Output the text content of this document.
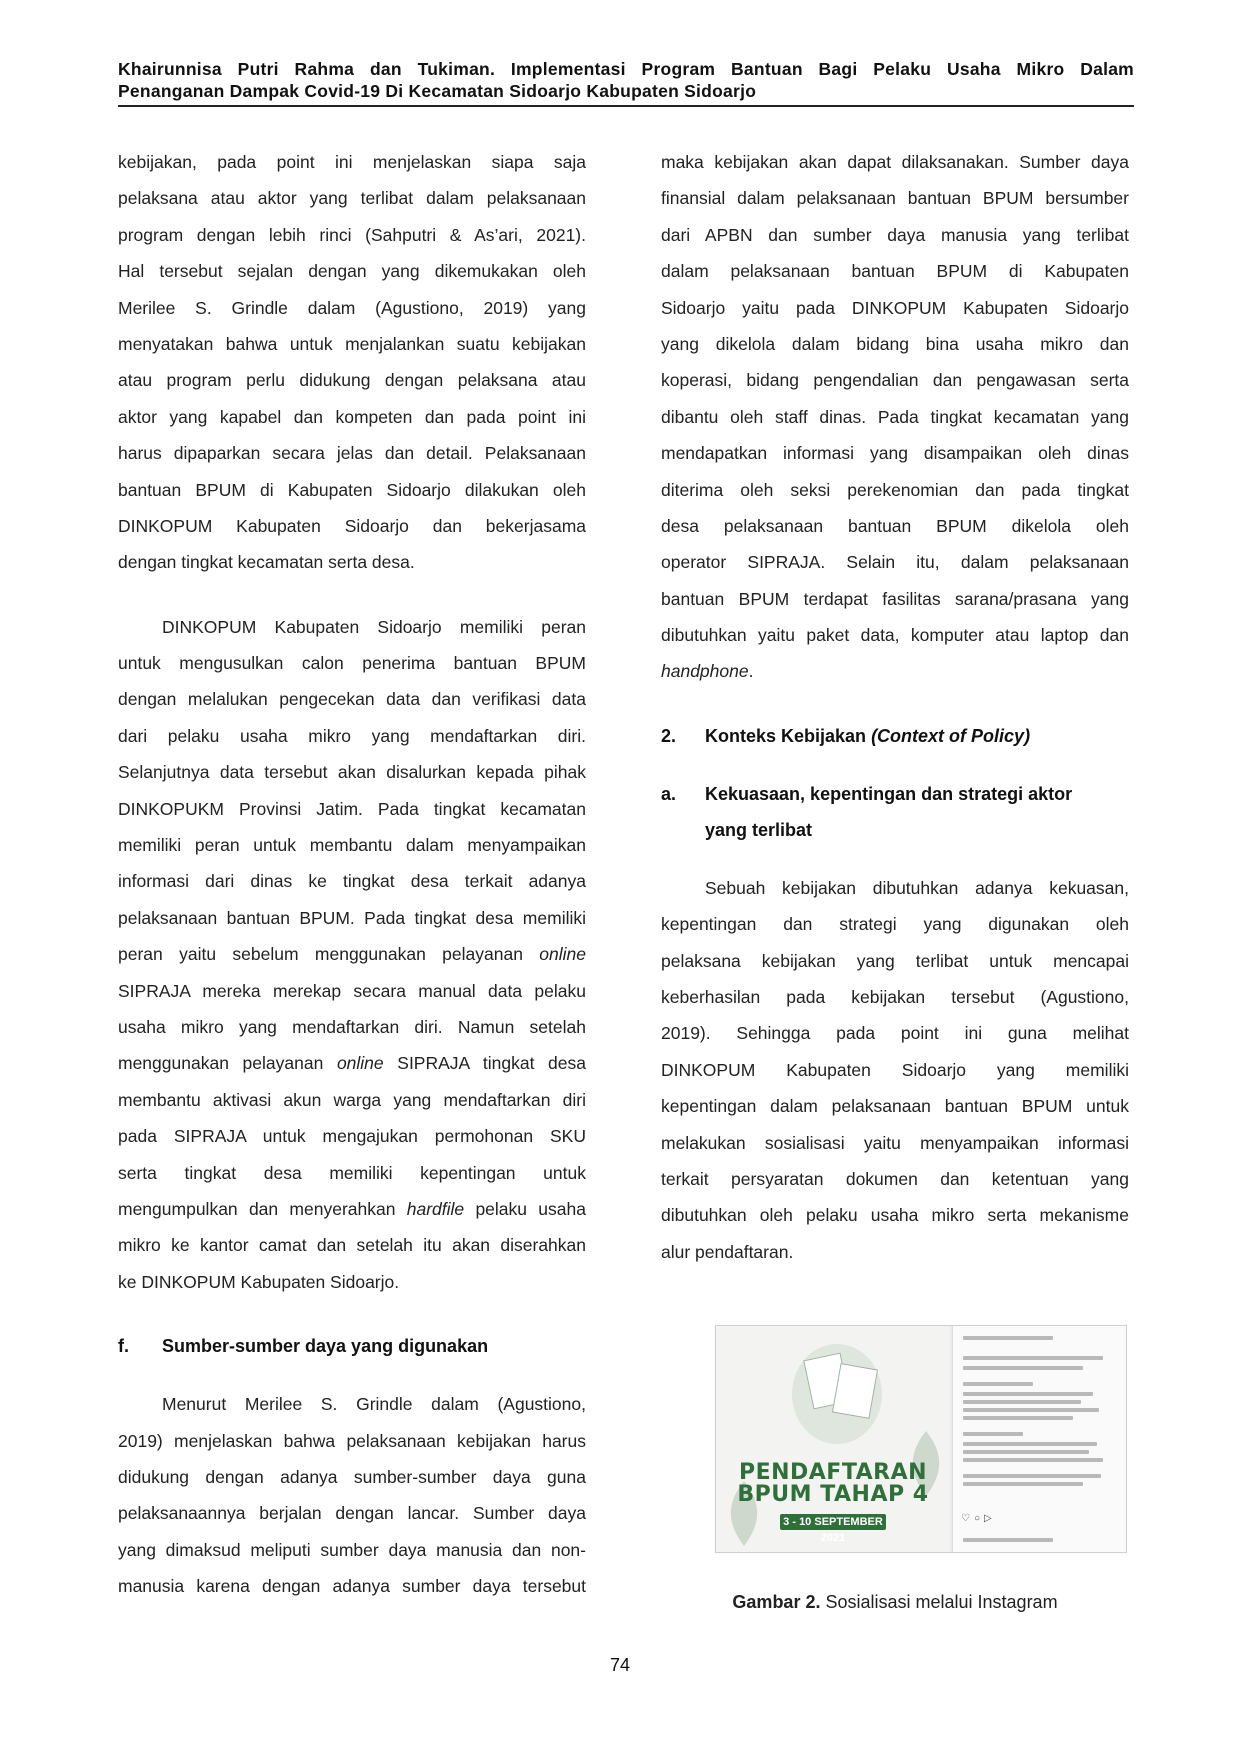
Khairunnisa Putri Rahma dan Tukiman. Implementasi Program Bantuan Bagi Pelaku Usaha Mikro Dalam
Penanganan Dampak Covid-19 Di Kecamatan Sidoarjo Kabupaten Sidoarjo
kebijakan, pada point ini menjelaskan siapa saja
pelaksana atau aktor yang terlibat dalam pelaksanaan
program dengan lebih rinci (Sahputri & As’ari, 2021).
Hal tersebut sejalan dengan yang dikemukakan oleh
Merilee S. Grindle dalam (Agustiono, 2019) yang
menyatakan bahwa untuk menjalankan suatu kebijakan
atau program perlu didukung dengan pelaksana atau
aktor yang kapabel dan kompeten dan pada point ini
harus dipaparkan secara jelas dan detail. Pelaksanaan
bantuan BPUM di Kabupaten Sidoarjo dilakukan oleh
DINKOPUM Kabupaten Sidoarjo dan bekerjasama
dengan tingkat kecamatan serta desa.
DINKOPUM Kabupaten Sidoarjo memiliki peran
untuk mengusulkan calon penerima bantuan BPUM
dengan melalukan pengecekan data dan verifikasi data
dari pelaku usaha mikro yang mendaftarkan diri.
Selanjutnya data tersebut akan disalurkan kepada pihak
DINKOPUKM Provinsi Jatim. Pada tingkat kecamatan
memiliki peran untuk membantu dalam menyampaikan
informasi dari dinas ke tingkat desa terkait adanya
pelaksanaan bantuan BPUM. Pada tingkat desa memiliki
peran yaitu sebelum menggunakan pelayanan online
SIPRAJA mereka merekap secara manual data pelaku
usaha mikro yang mendaftarkan diri. Namun setelah
menggunakan pelayanan online SIPRAJA tingkat desa
membantu aktivasi akun warga yang mendaftarkan diri
pada SIPRAJA untuk mengajukan permohonan SKU
serta tingkat desa memiliki kepentingan untuk
mengumpulkan dan menyerahkan hardfile pelaku usaha
mikro ke kantor camat dan setelah itu akan diserahkan
ke DINKOPUM Kabupaten Sidoarjo.
f.	Sumber-sumber daya yang digunakan
Menurut Merilee S. Grindle dalam (Agustiono,
2019) menjelaskan bahwa pelaksanaan kebijakan harus
didukung dengan adanya sumber-sumber daya guna
pelaksanaannya berjalan dengan lancar. Sumber daya
yang dimaksud meliputi sumber daya manusia dan non-
manusia karena dengan adanya sumber daya tersebut
maka kebijakan akan dapat dilaksanakan. Sumber daya
finansial dalam pelaksanaan bantuan BPUM bersumber
dari APBN dan sumber daya manusia yang terlibat
dalam pelaksanaan bantuan BPUM di Kabupaten
Sidoarjo yaitu pada DINKOPUM Kabupaten Sidoarjo
yang dikelola dalam bidang bina usaha mikro dan
koperasi, bidang pengendalian dan pengawasan serta
dibantu oleh staff dinas. Pada tingkat kecamatan yang
mendapatkan informasi yang disampaikan oleh dinas
diterima oleh seksi perekenomian dan pada tingkat
desa pelaksanaan bantuan BPUM dikelola oleh
operator SIPRAJA. Selain itu, dalam pelaksanaan
bantuan BPUM terdapat fasilitas sarana/prasana yang
dibutuhkan yaitu paket data, komputer atau laptop dan
handphone.
2.	Konteks Kebijakan (Context of Policy)
a.	Kekuasaan, kepentingan dan strategi aktor
yang terlibat
Sebuah kebijakan dibutuhkan adanya kekuasan,
kepentingan dan strategi yang digunakan oleh
pelaksana kebijakan yang terlibat untuk mencapai
keberhasilan pada kebijakan tersebut (Agustiono,
2019). Sehingga pada point ini guna melihat
DINKOPUM Kabupaten Sidoarjo yang memiliki
kepentingan dalam pelaksanaan bantuan BPUM untuk
melakukan sosialisasi yaitu menyampaikan informasi
terkait persyaratan dokumen dan ketentuan yang
dibutuhkan oleh pelaku usaha mikro serta mekanisme
alur pendaftaran.
PENDAFTARAN
BPUM TAHAP 4
3 - 10 SEPTEMBER 2021
♡○▷
Gambar 2. Sosialisasi melalui Instagram
74
